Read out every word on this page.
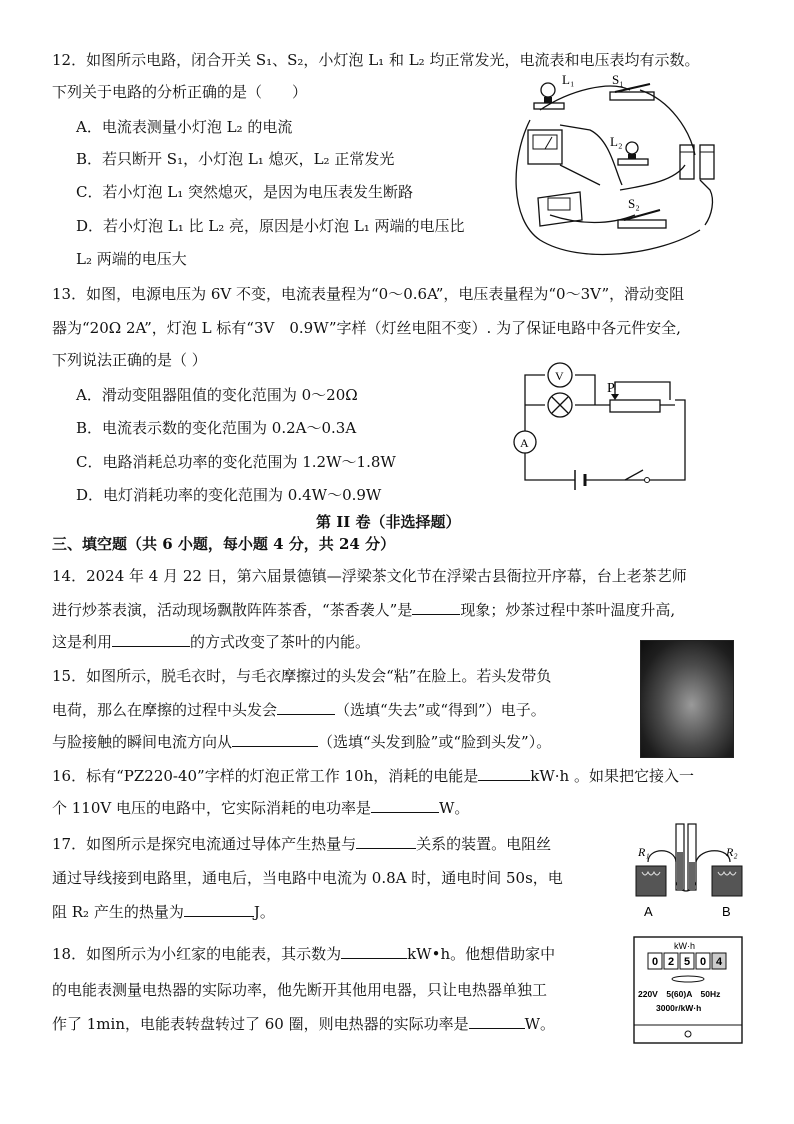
12．如图所示电路，闭合开关 S₁、S₂，小灯泡 L₁ 和 L₂ 均正常发光，电流表和电压表均有示数。
下列关于电路的分析正确的是（　　）
A．电流表测量小灯泡 L₂ 的电流
B．若只断开 S₁，小灯泡 L₁ 熄灭，L₂ 正常发光
C．若小灯泡 L₁ 突然熄灭，是因为电压表发生断路
D．若小灯泡 L₁ 比 L₂ 亮，原因是小灯泡 L₁ 两端的电压比
L₂ 两端的电压大
L₁	S₁
L₂
S₂
13．如图，电源电压为 6V 不变，电流表量程为“0～0.6A”，电压表量程为“0～3V”，滑动变阻
器为“20Ω 2A”，灯泡 L 标有“3V　0.9W”字样（灯丝电阻不变）. 为了保证电路中各元件安全,
下列说法正确的是（ ）
A．滑动变阻器阻值的变化范围为 0～20Ω
B．电流表示数的变化范围为 0.2A～0.3A
C．电路消耗总功率的变化范围为 1.2W～1.8W
D．电灯消耗功率的变化范围为 0.4W～0.9W
V
P
A
第 II 卷（非选择题）
三、填空题（共 6 小题，每小题 4 分，共 24 分）
14．2024 年 4 月 22 日，第六届景德镇—浮梁茶文化节在浮梁古县衙拉开序幕，台上老茶艺师
进行炒茶表演，活动现场飘散阵阵茶香，“茶香袭人”是	现象；炒茶过程中茶叶温度升高,
这是利用	的方式改变了茶叶的内能。
15．如图所示，脱毛衣时，与毛衣摩擦过的头发会“粘”在脸上。若头发带负
电荷，那么在摩擦的过程中头发会	（选填“失去”或“得到”）电子。
与脸接触的瞬间电流方向从	（选填“头发到脸”或“脸到头发”）。
16．标有“PZ220-40”字样的灯泡正常工作 10h，消耗的电能是	kW·h 。如果把它接入一
个 110V 电压的电路中，它实际消耗的电功率是	W。
17．如图所示是探究电流通过导体产生热量与	关系的装置。电阻丝
通过导线接到电路里，通电后，当电路中电流为 0.8A 时，通电时间 50s，电
阻 R₂ 产生的热量为	J。
R₁	R₂
A	B
18．如图所示为小红家的电能表，其示数为	kW•h。他想借助家中
的电能表测量电热器的实际功率，他先断开其他用电器，只让电热器单独工
作了 1min，电能表转盘转过了 60 圈，则电热器的实际功率是	W。
kW·h
0 2 5 0 4
220V　5(60)A　50Hz
3000r/kW·h
